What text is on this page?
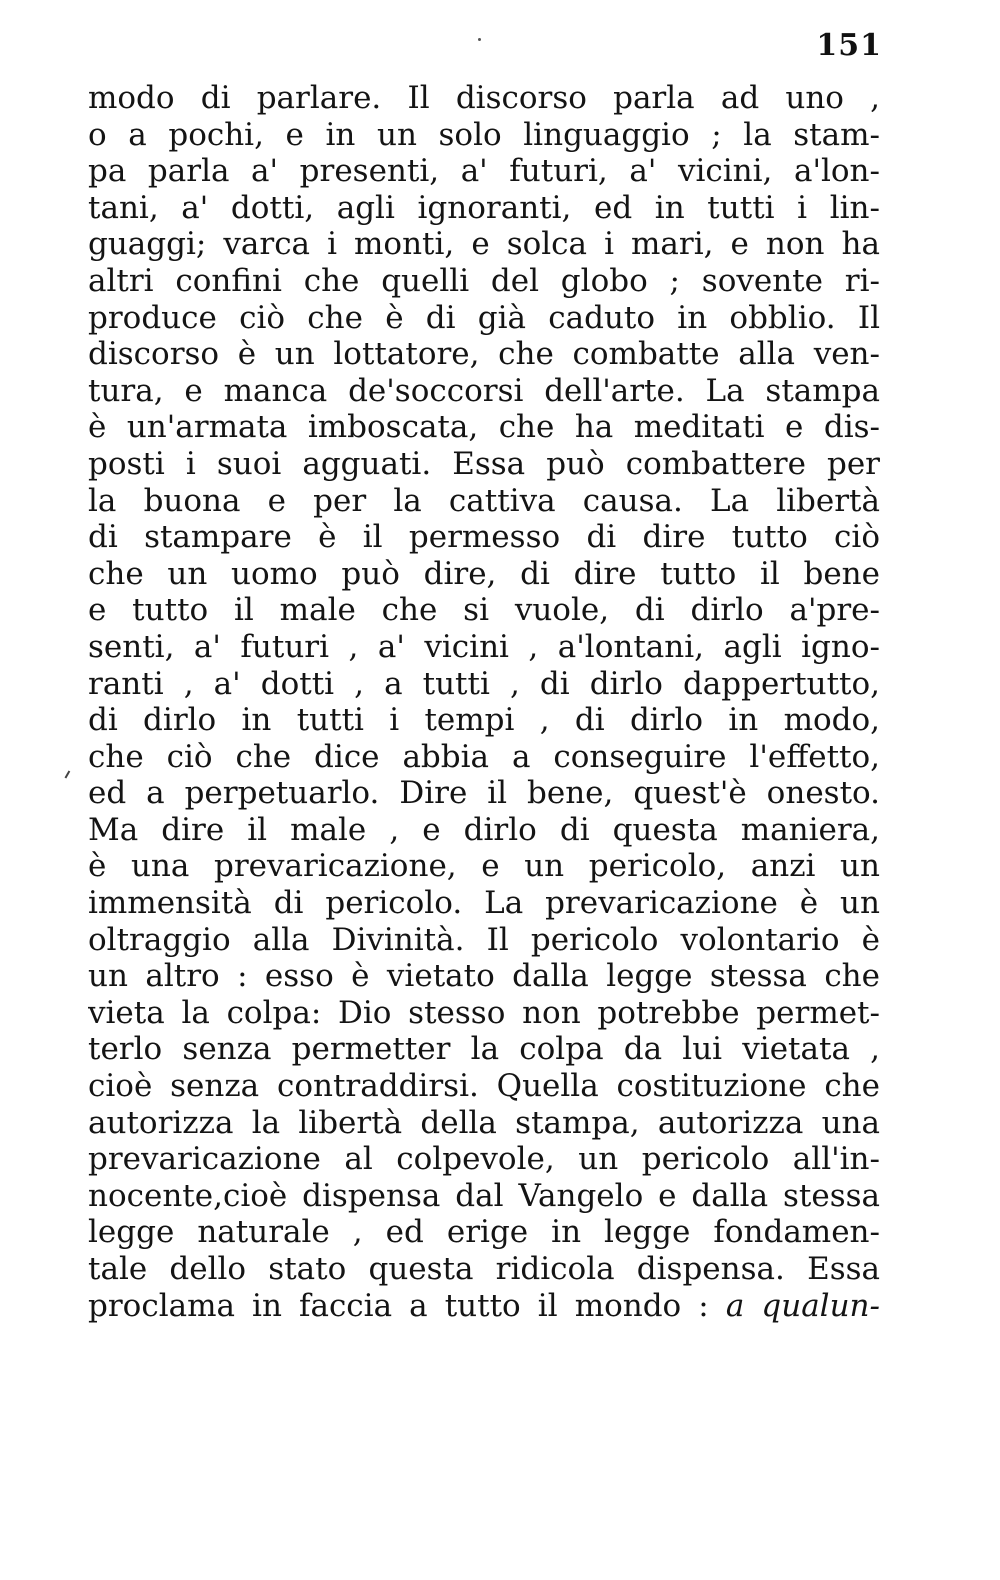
151
modo di parlare. Il discorso parla ad uno ,
o a pochi, e in un solo linguaggio ; la stam-
pa parla a' presenti, a' futuri, a' vicini, a'lon-
tani, a' dotti, agli ignoranti, ed in tutti i lin-
guaggi; varca i monti, e solca i mari, e non ha
altri confini che quelli del globo ; sovente ri-
produce ciò che è di già caduto in obblio. Il
discorso è un lottatore, che combatte alla ven-
tura, e manca de'soccorsi dell'arte. La stampa
è un'armata imboscata, che ha meditati e dis-
posti i suoi agguati. Essa può combattere per
la buona e per la cattiva causa. La libertà
di stampare è il permesso di dire tutto ciò
che un uomo può dire, di dire tutto il bene
e tutto il male che si vuole, di dirlo a'pre-
senti, a' futuri , a' vicini , a'lontani, agli igno-
ranti , a' dotti , a tutti , di dirlo dappertutto,
di dirlo in tutti i tempi , di dirlo in modo,
che ciò che dice abbia a conseguire l'effetto,
ed a perpetuarlo. Dire il bene, quest'è onesto.
Ma dire il male , e dirlo di questa maniera,
è una prevaricazione, e un pericolo, anzi un
immensità di pericolo. La prevaricazione è un
oltraggio alla Divinità. Il pericolo volontario è
un altro : esso è vietato dalla legge stessa che
vieta la colpa: Dio stesso non potrebbe permet-
terlo senza permetter la colpa da lui vietata ,
cioè senza contraddirsi. Quella costituzione che
autorizza la libertà della stampa, autorizza una
prevaricazione al colpevole, un pericolo all'in-
nocente,cioè dispensa dal Vangelo e dalla stessa
legge naturale , ed erige in legge fondamen-
tale dello stato questa ridicola dispensa. Essa
proclama in faccia a tutto il mondo : a qualun-
